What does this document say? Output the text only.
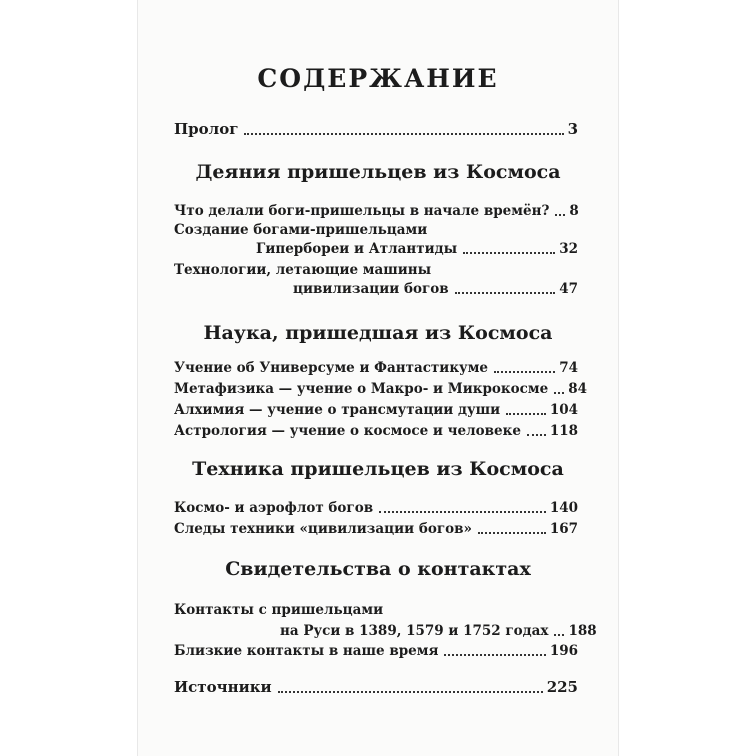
СОДЕРЖАНИЕ
Пролог	3
Деяния пришельцев из Космоса
Что делали боги-пришельцы в начале времён? 8
Создание богами-пришельцами
Гипербореи и Атлантиды	32
Технологии, летающие машины
цивилизации богов	47
Наука, пришедшая из Космоса
Учение об Универсуме и Фантастикуме	74
Метафизика — учение о Макро- и Микрокосме 84
Алхимия — учение о трансмутации души	104
Астрология — учение о космосе и человеке 118
Техника пришельцев из Космоса
Космо- и аэрофлот богов	140
Следы техники «цивилизации богов»	167
Свидетельства о контактах
Контакты с пришельцами
на Руси в 1389, 1579 и 1752 годах 188
Близкие контакты в наше время	196
Источники	225
